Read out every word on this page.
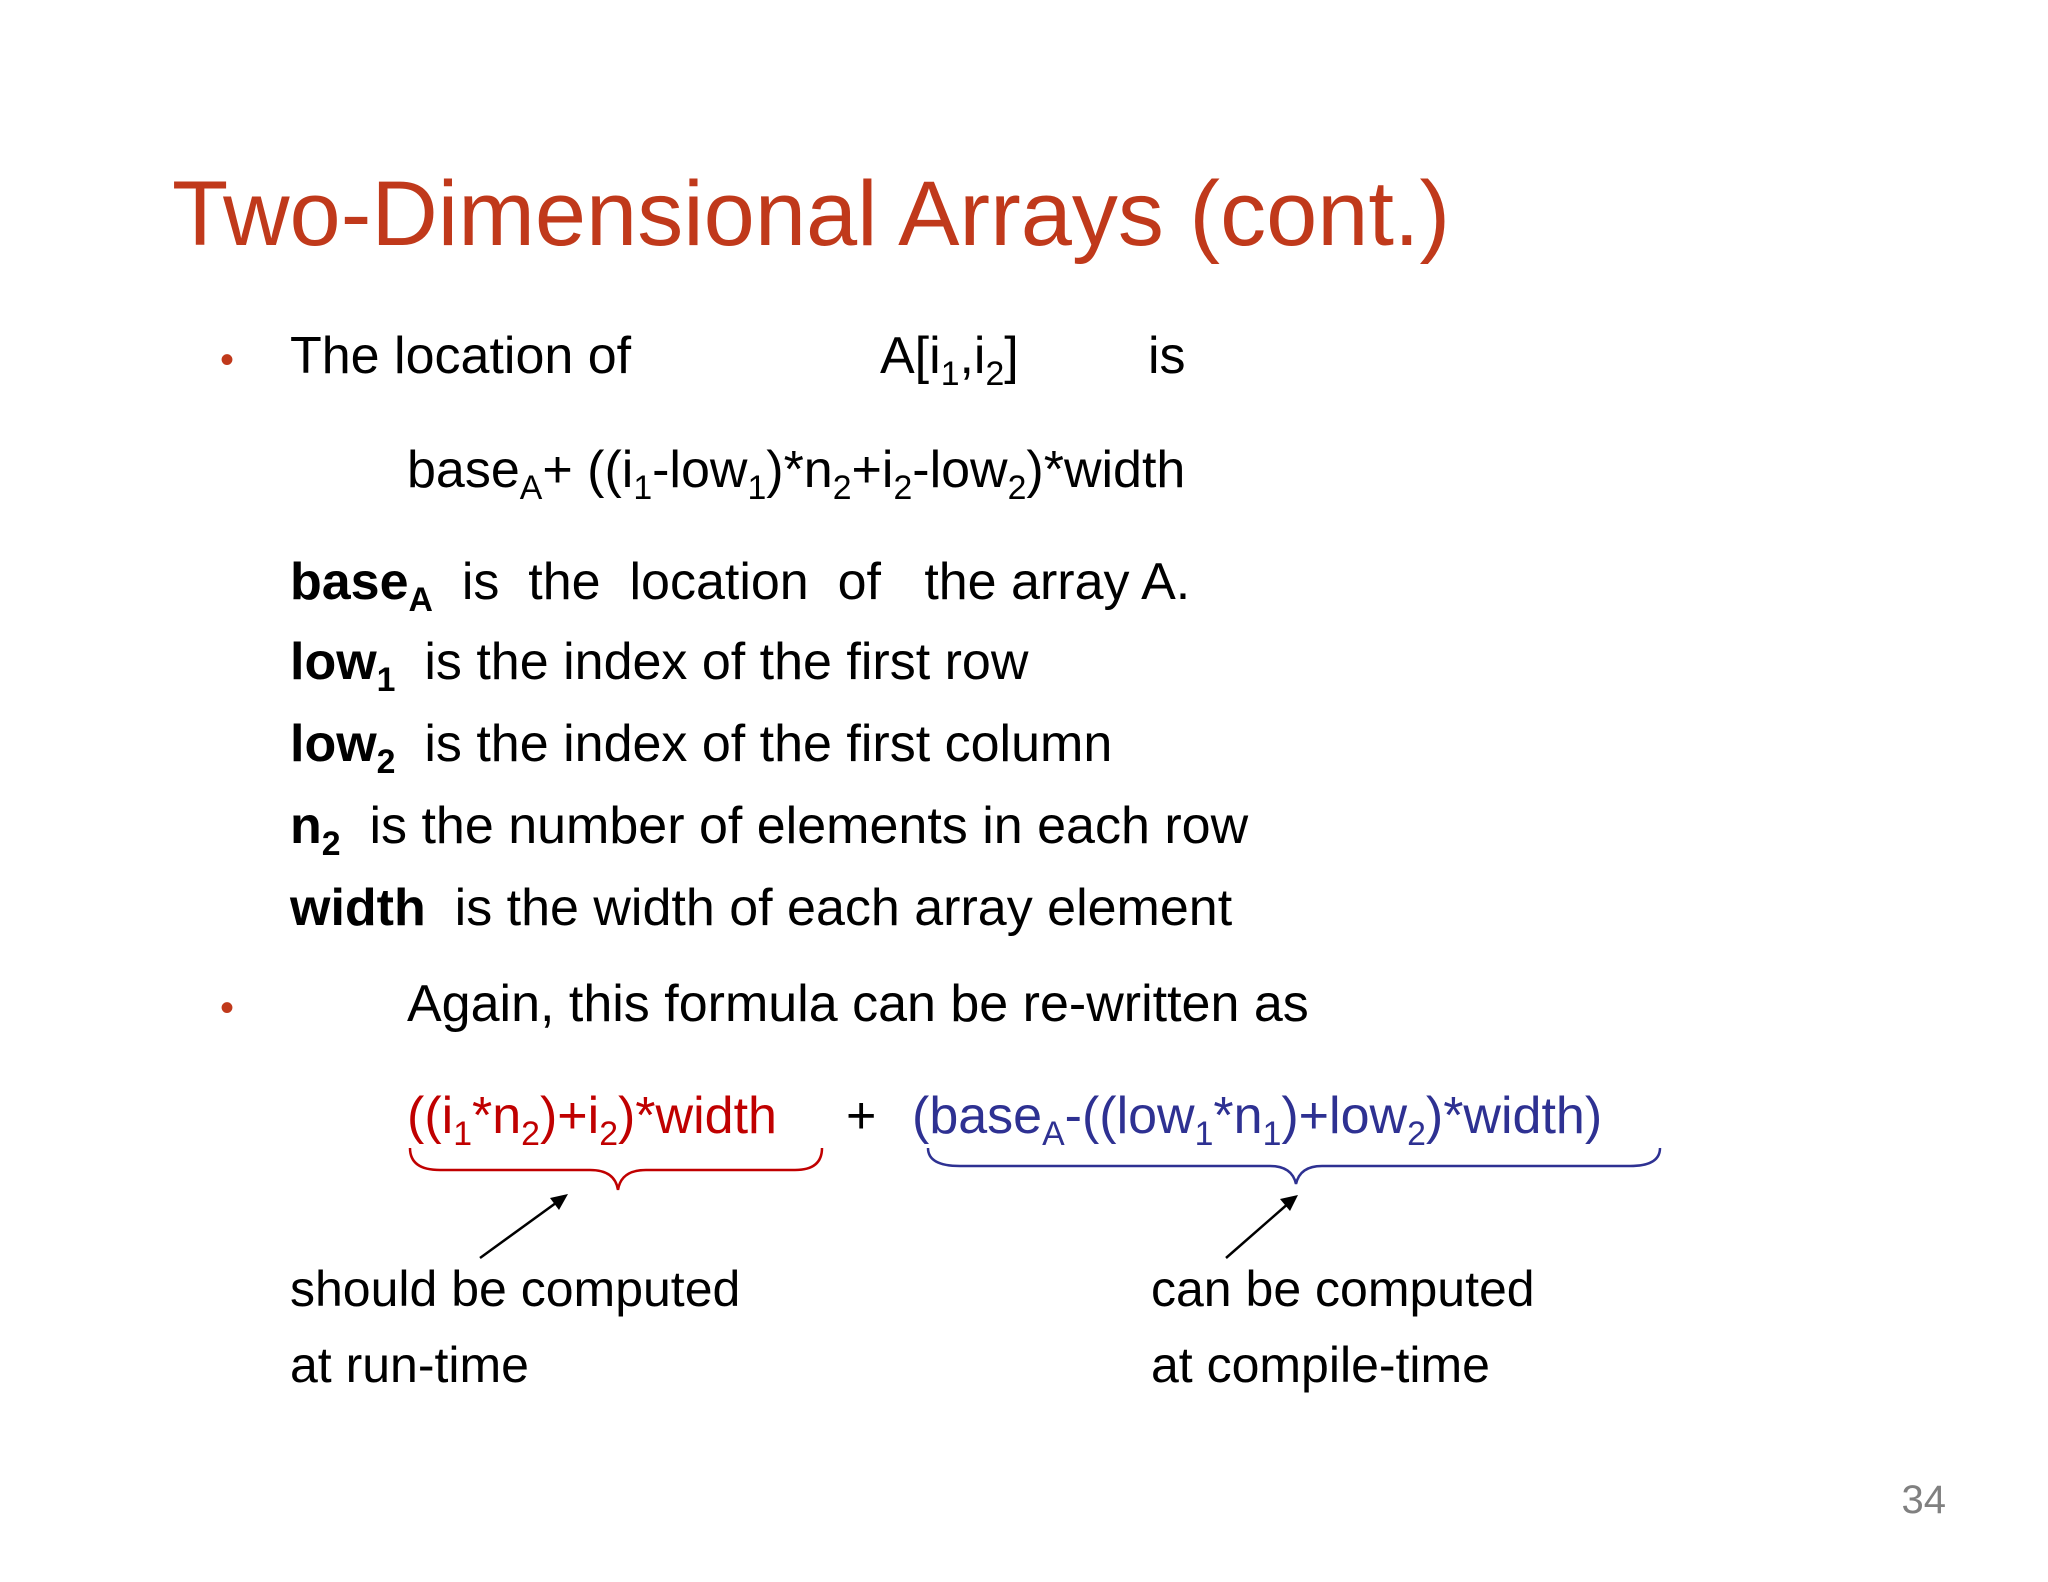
Two-Dimensional Arrays (cont.)
• The location of	$A[i_1,i_2]$ is
base$_A$+ $((i_1-low_1)*n_2+i_2-low_2)*width$
base$_A$  is  the  location  of   the array A.
low$_1$  is the index of the first row
low$_2$  is the index of the first column
$n_2$  is the number of elements in each row
width  is the width of each array element
•	Again, this formula can be re-written as
$((i_1*n_2)+i_2)*width$ + $(base_A-((low_1*n_1)+low_2)*width)$
should be computed
at run-time
can be computed
at compile-time
34
